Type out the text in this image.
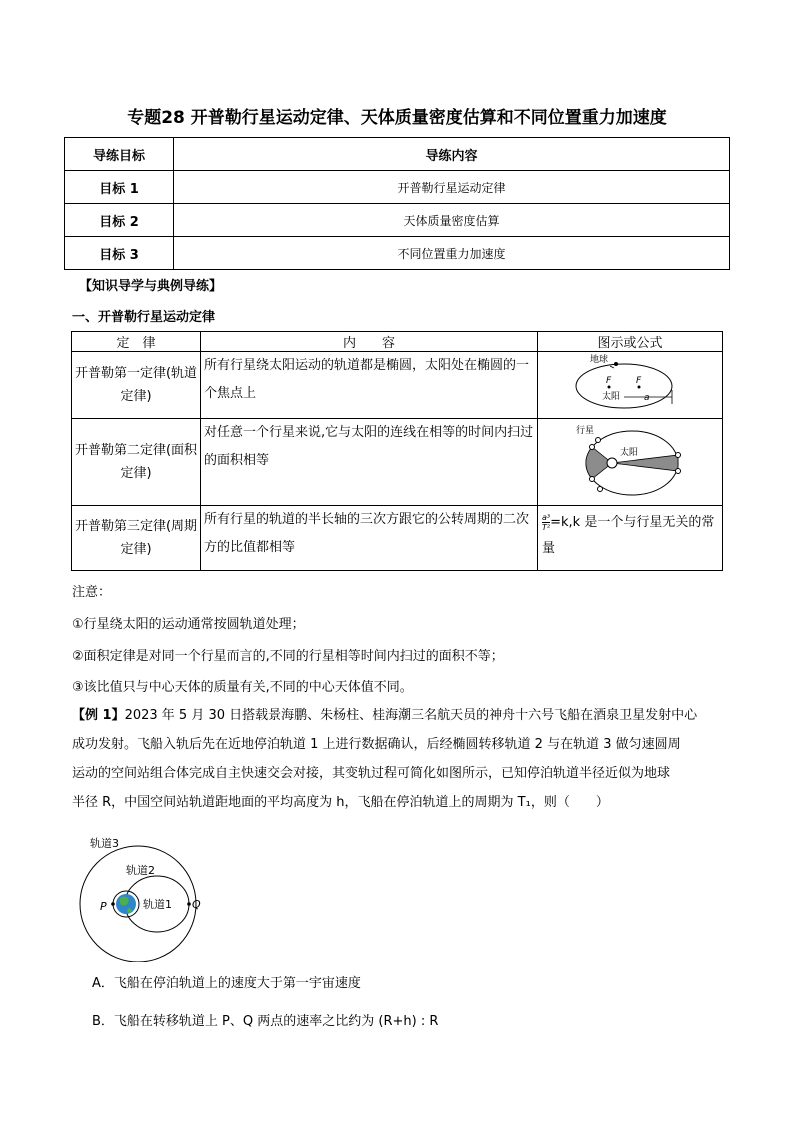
专题28 开普勒行星运动定律、天体质量密度估算和不同位置重力加速度
导练目标	导练内容
目标 1	开普勒行星运动定律
目标 2	天体质量密度估算
目标 3	不同位置重力加速度
【知识导学与典例导练】
一、开普勒行星运动定律
定　律	内　　容	图示或公式
开普勒第一定律(轨道定律)	所有行星绕太阳运动的轨道都是椭圆，太阳处在椭圆的一个焦点上	地球
F F
太阳 a

开普勒第二定律(面积定律)	对任意一个行星来说,它与太阳的连线在相等的时间内扫过的面积相等	行星
太阳

开普勒第三定律(周期定律)	所有行星的轨道的半长轴的三次方跟它的公转周期的二次方的比值都相等	$\frac{\text{a³}}{\text{T²}} =k,k$ 是一个与行星无关的常量
注意：
①行星绕太阳的运动通常按圆轨道处理；
②面积定律是对同一个行星而言的,不同的行星相等时间内扫过的面积不等；
③该比值只与中心天体的质量有关,不同的中心天体值不同。
【例 1】2023 年 5 月 30 日搭载景海鹏、朱杨柱、桂海潮三名航天员的神舟十六号飞船在酒泉卫星发射中心
成功发射。飞船入轨后先在近地停泊轨道 1 上进行数据确认，后经椭圆转移轨道 2 与在轨道 3 做匀速圆周
运动的空间站组合体完成自主快速交会对接，其变轨过程可简化如图所示，已知停泊轨道半径近似为地球
半径 R，中国空间站轨道距地面的平均高度为 h，飞船在停泊轨道上的周期为 T₁，则（　　）
轨道3
轨道2
轨道1
P	Q
A．飞船在停泊轨道上的速度大于第一宇宙速度
B．飞船在转移轨道上 P、Q 两点的速率之比约为 (R+h) : R
